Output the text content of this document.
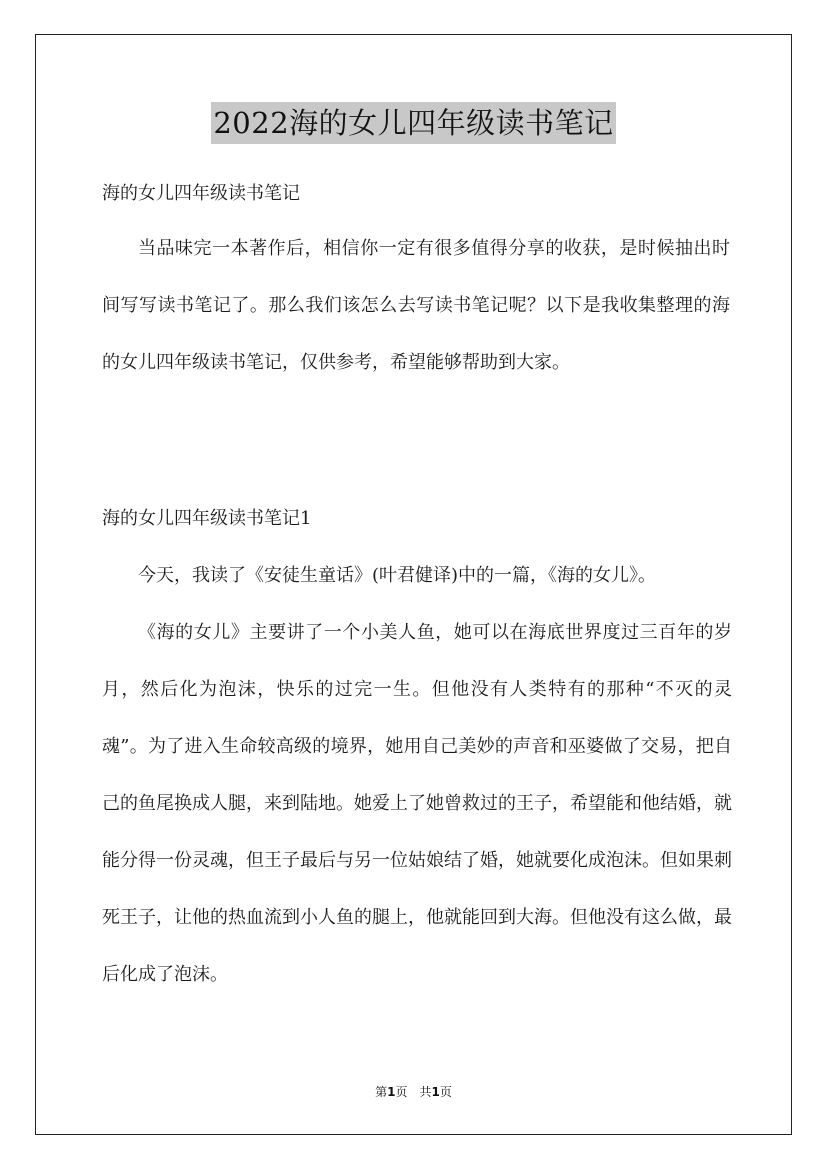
2022海的女儿四年级读书笔记

海的女儿四年级读书笔记

当品味完一本著作后，相信你一定有很多值得分享的收获，是时候抽出时间写写读书笔记了。那么我们该怎么去写读书笔记呢？以下是我收集整理的海的女儿四年级读书笔记，仅供参考，希望能够帮助到大家。

海的女儿四年级读书笔记1

今天，我读了《安徒生童话》(叶君健译)中的一篇，《海的女儿》。

《海的女儿》主要讲了一个小美人鱼，她可以在海底世界度过三百年的岁月，然后化为泡沫，快乐的过完一生。但他没有人类特有的那种“不灭的灵魂”。为了进入生命较高级的境界，她用自己美妙的声音和巫婆做了交易，把自己的鱼尾换成人腿，来到陆地。她爱上了她曾救过的王子，希望能和他结婚，就能分得一份灵魂，但王子最后与另一位姑娘结了婚，她就要化成泡沫。但如果刺死王子，让他的热血流到小人鱼的腿上，他就能回到大海。但他没有这么做，最后化成了泡沫。

第1页 共1页
